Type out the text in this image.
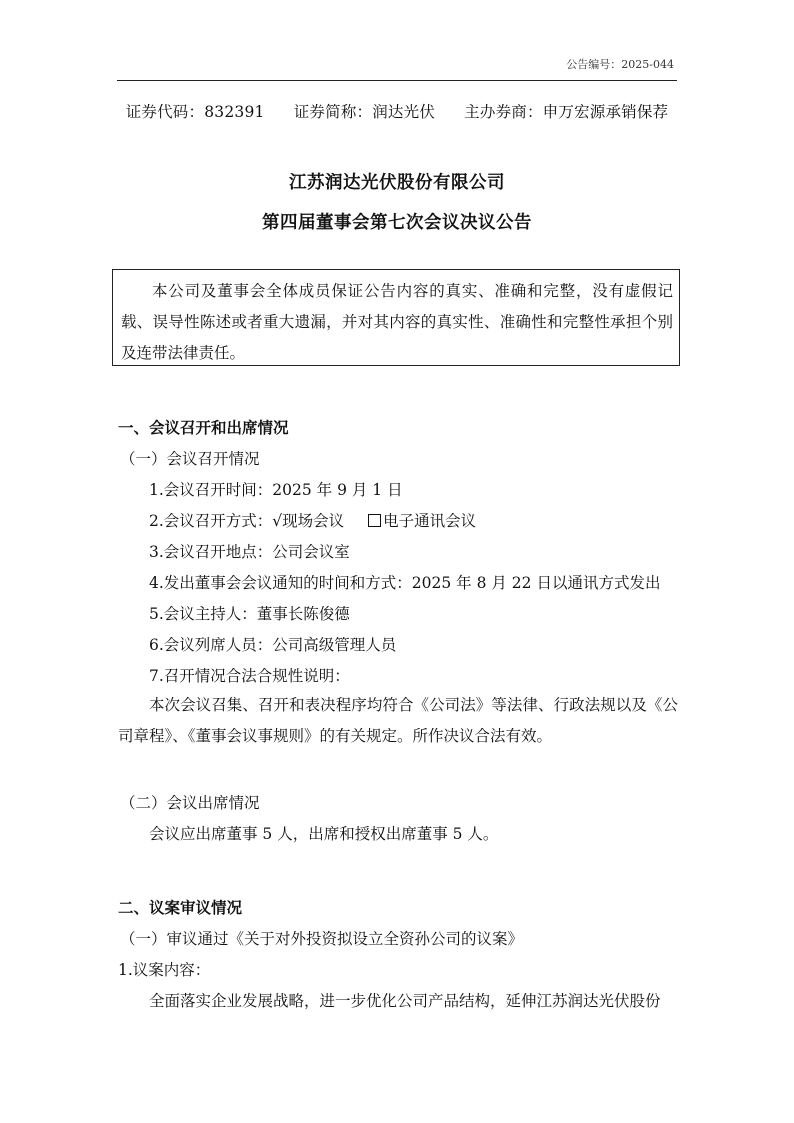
公告编号：2025-044
证券代码：832391 证券简称：润达光伏 主办券商：申万宏源承销保荐
江苏润达光伏股份有限公司
第四届董事会第七次会议决议公告
本公司及董事会全体成员保证公告内容的真实、准确和完整，没有虚假记载、误导性陈述或者重大遗漏，并对其内容的真实性、准确性和完整性承担个别及连带法律责任。
一、会议召开和出席情况
（一）会议召开情况
1.会议召开时间：2025 年 9 月 1 日
2.会议召开方式：√现场会议	电子通讯会议
3.会议召开地点：公司会议室
4.发出董事会会议通知的时间和方式：2025 年 8 月 22 日以通讯方式发出
5.会议主持人：董事长陈俊德
6.会议列席人员：公司高级管理人员
7.召开情况合法合规性说明：
本次会议召集、召开和表决程序均符合《公司法》等法律、行政法规以及《公司章程》、《董事会议事规则》的有关规定。所作决议合法有效。
（二）会议出席情况
会议应出席董事 5 人，出席和授权出席董事 5 人。
二、议案审议情况
（一）审议通过《关于对外投资拟设立全资孙公司的议案》
1.议案内容：
全面落实企业发展战略，进一步优化公司产品结构，延伸江苏润达光伏股份
